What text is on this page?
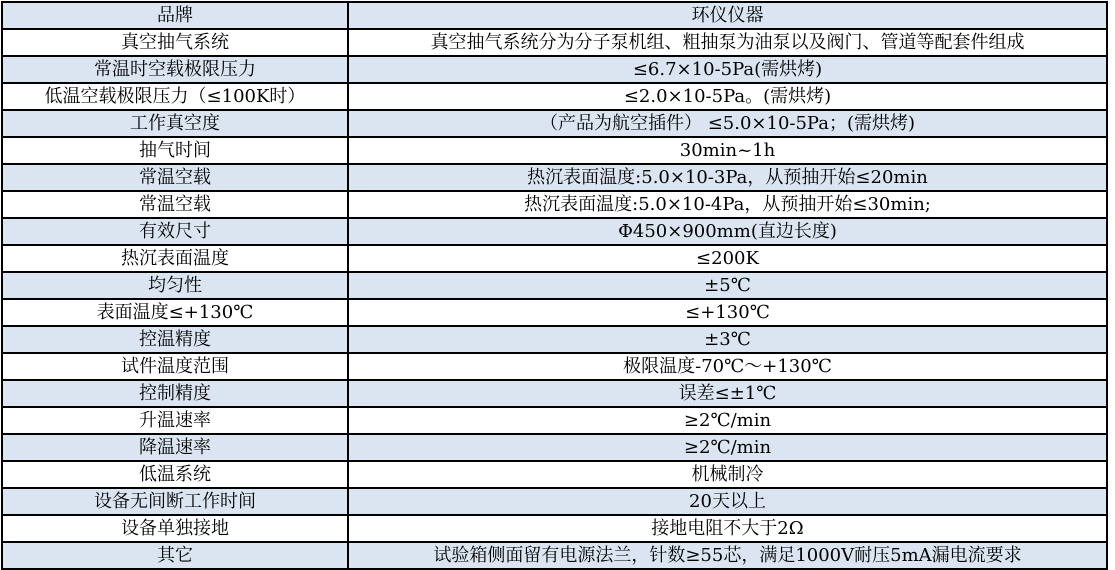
品牌	环仪仪器
真空抽气系统	真空抽气系统分为分子泵机组、粗抽泵为油泵以及阀门、管道等配套件组成
常温时空载极限压力	≤6.7×10-5Pa(需烘烤)
低温空载极限压力（≤100K时）	≤2.0×10-5Pa。(需烘烤)
工作真空度	（产品为航空插件） ≤5.0×10-5Pa；(需烘烤)
抽气时间	30min~1h
常温空载	热沉表面温度:5.0×10-3Pa，从预抽开始≤20min
常温空载	热沉表面温度:5.0×10-4Pa，从预抽开始≤30min;
有效尺寸	Φ450×900mm(直边长度)
热沉表面温度	≤200K
均匀性	±5℃
表面温度≤+130℃	≤+130℃
控温精度	±3℃
试件温度范围	极限温度-70℃～+130℃
控制精度	误差≤±1℃
升温速率	≥2℃/min
降温速率	≥2℃/min
低温系统	机械制冷
设备无间断工作时间	20天以上
设备单独接地	接地电阻不大于2Ω
其它	试验箱侧面留有电源法兰，针数≥55芯，满足1000V耐压5mA漏电流要求
